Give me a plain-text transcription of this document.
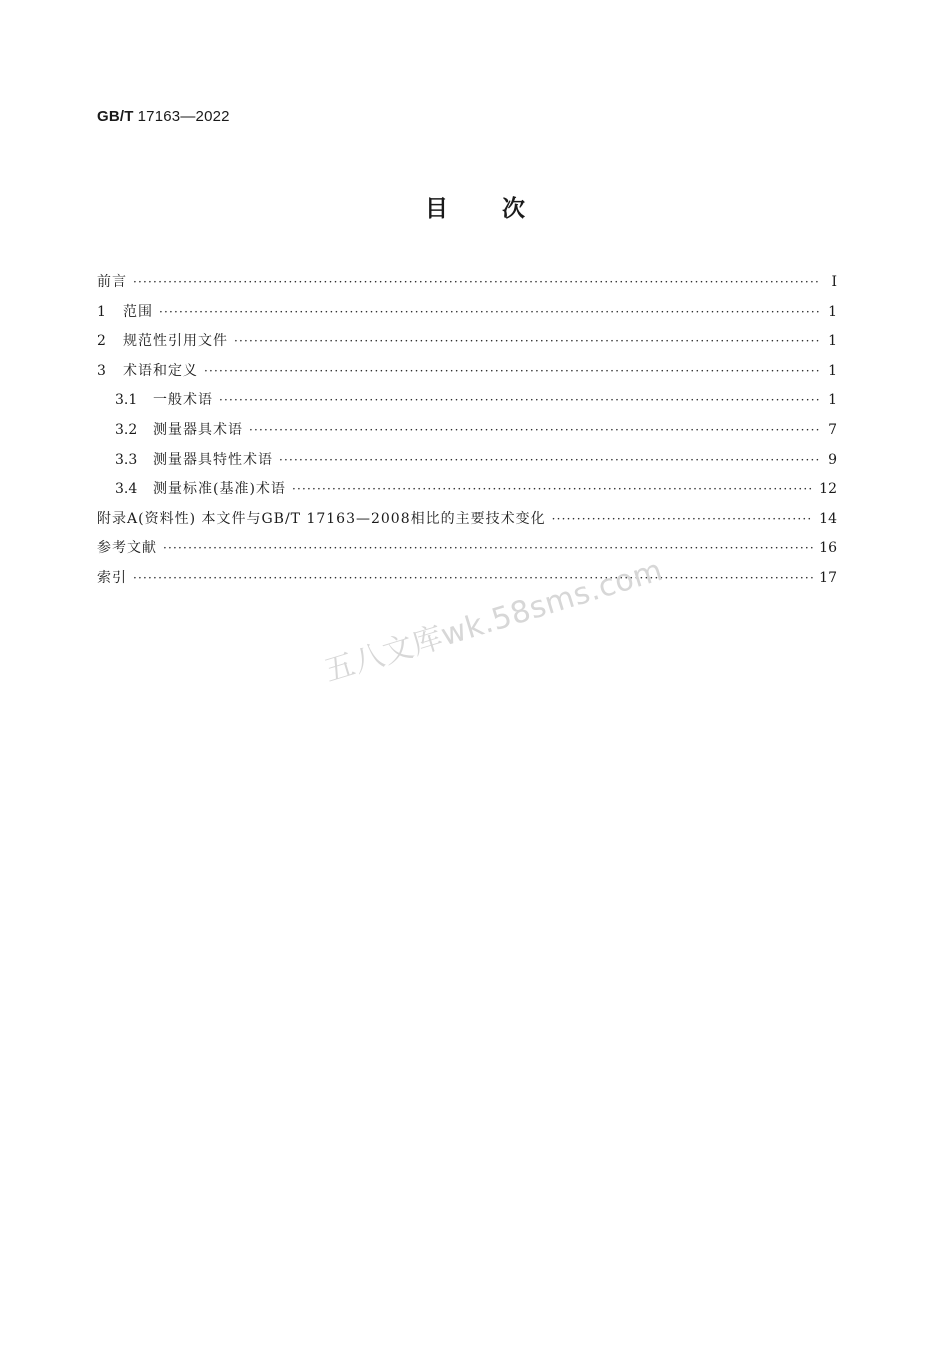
GB/T 17163—2022
目次
前言 ·····	Ⅰ
1	范围 ·····	1
2	规范性引用文件 ·····	1
3	术语和定义 ·····	1
3.1	一般术语 ·····	1
3.2	测量器具术语 ·····	7
3.3	测量器具特性术语 ·····	9
3.4	测量标准(基准)术语 ·····	12
附录A(资料性) 本文件与GB/T 17163—2008相比的主要技术变化 ·····	14
参考文献 ·····	16
索引 ·····	17
五八文库wk.58sms.com
